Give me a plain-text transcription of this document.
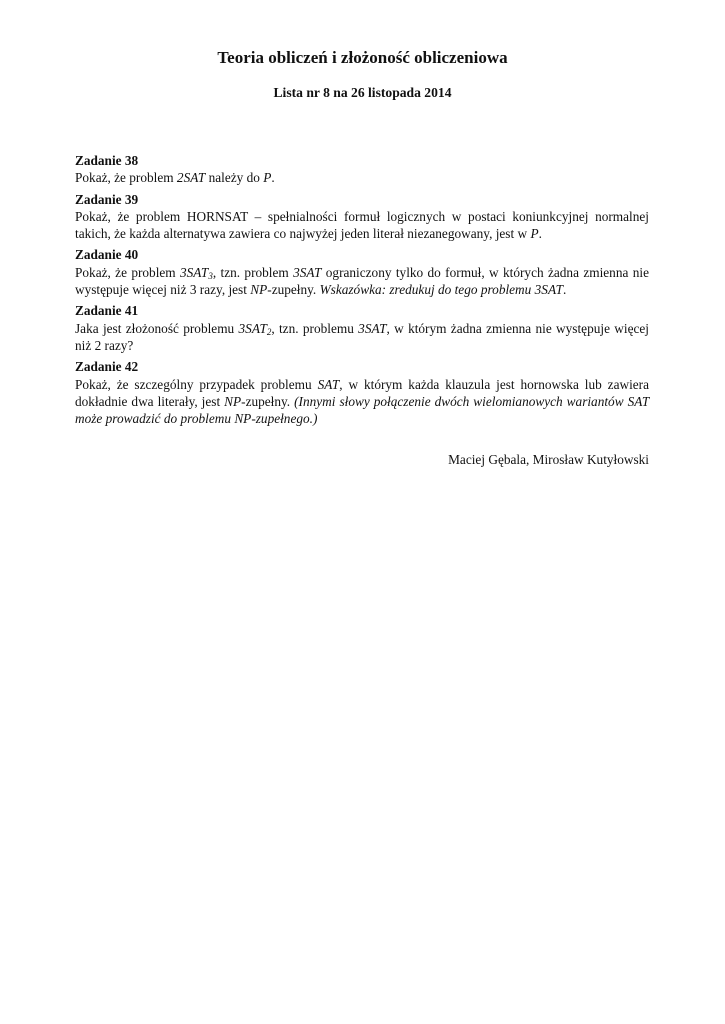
Teoria obliczeń i złożoność obliczeniowa
Lista nr 8 na 26 listopada 2014
Zadanie 38
Pokaż, że problem 2SAT należy do P.
Zadanie 39
Pokaż, że problem HORNSAT – spełnialności formuł logicznych w postaci koniunkcyjnej normalnej takich, że każda alternatywa zawiera co najwyżej jeden literał niezanegowany, jest w P.
Zadanie 40
Pokaż, że problem $3SAT_3$, tzn. problem 3SAT ograniczony tylko do formuł, w których żadna zmienna nie występuje więcej niż 3 razy, jest NP-zupełny. Wskazówka: zredukuj do tego problemu 3SAT.
Zadanie 41
Jaka jest złożoność problemu $3SAT_2$, tzn. problemu 3SAT, w którym żadna zmienna nie występuje więcej niż 2 razy?
Zadanie 42
Pokaż, że szczególny przypadek problemu SAT, w którym każda klauzula jest hornowska lub zawiera dokładnie dwa literały, jest NP-zupełny. (Innymi słowy połączenie dwóch wielomianowych wariantów SAT może prowadzić do problemu NP-zupełnego.)
Maciej Gębala, Mirosław Kutyłowski
